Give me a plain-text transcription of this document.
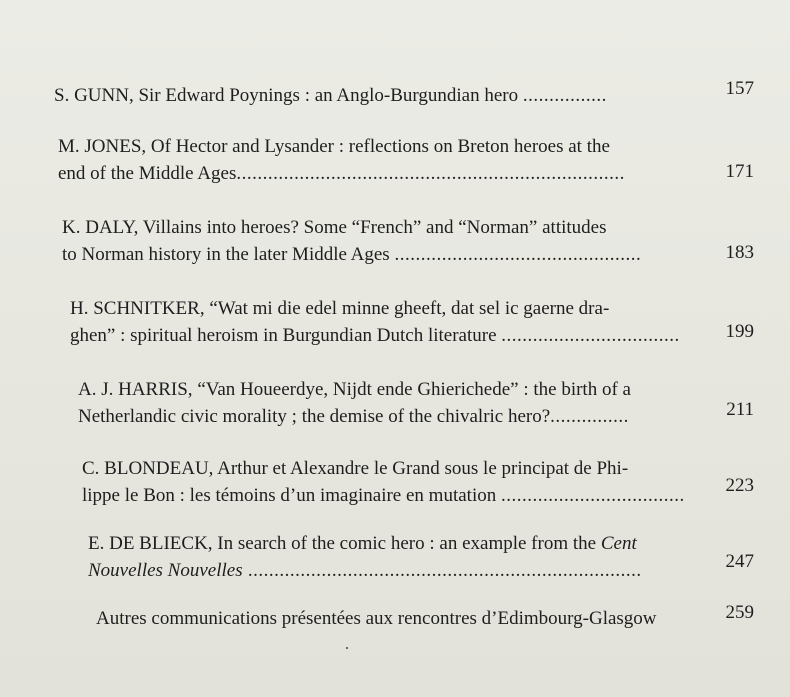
S. GUNN, Sir Edward Poynings : an Anglo-Burgundian hero ................	157
M. JONES, Of Hector and Lysander : reflections on Breton heroes at the
end of the Middle Ages..........................................................................	171
K. DALY, Villains into heroes? Some “French” and “Norman” attitudes
to Norman history in the later Middle Ages ...............................................	183
H. SCHNITKER, “Wat mi die edel minne gheeft, dat sel ic gaerne dra-
ghen” : spiritual heroism in Burgundian Dutch literature ..................................	199
A. J. HARRIS, “Van Houeerdye, Nijdt ende Ghierichede” : the birth of a
Netherlandic civic morality ; the demise of the chivalric hero?...............	211
C. BLONDEAU, Arthur et Alexandre le Grand sous le principat de Phi-
lippe le Bon : les témoins d’un imaginaire en mutation ...................................	223
E. DE BLIECK, In search of the comic hero : an example from the Cent
Nouvelles Nouvelles ...........................................................................	247
Autres communications présentées aux rencontres d’Edimbourg-Glasgow	259
